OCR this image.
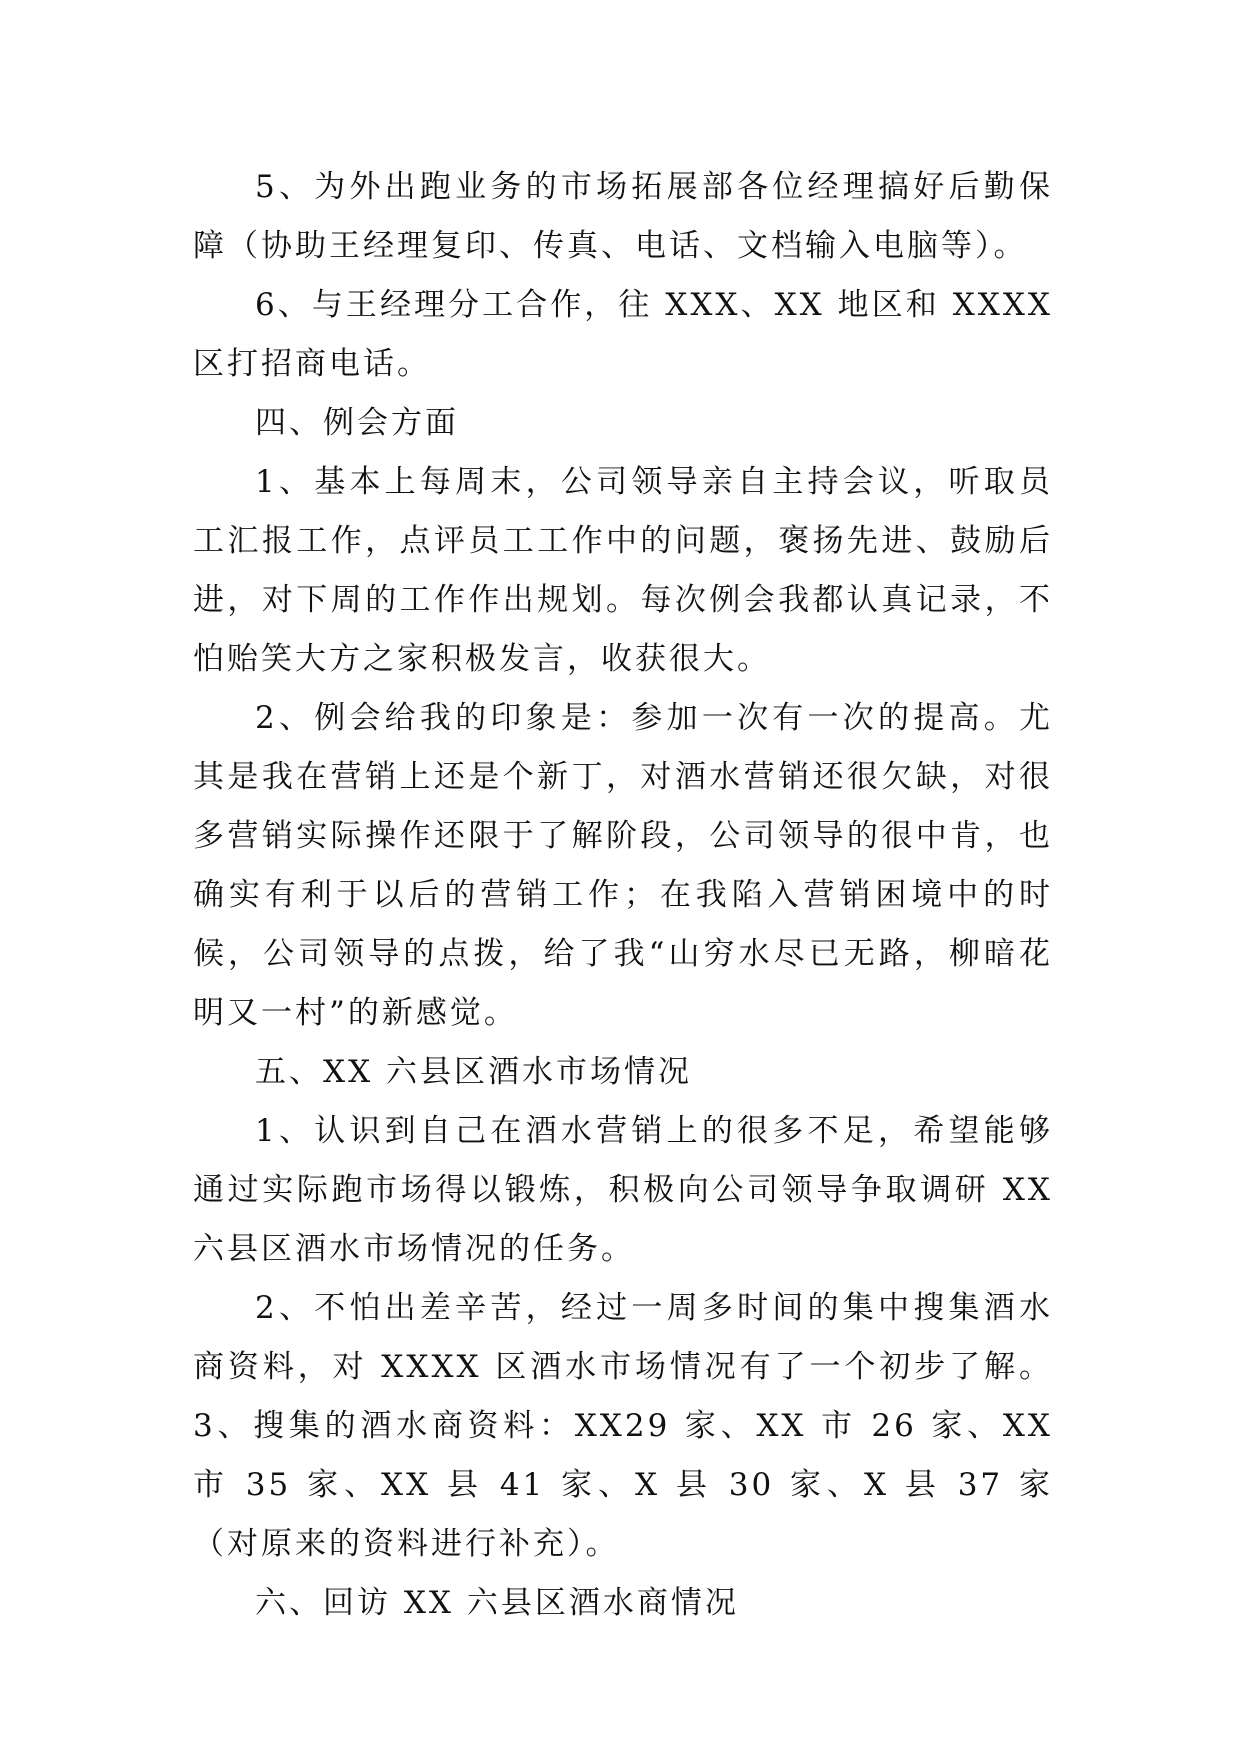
5、为外出跑业务的市场拓展部各位经理搞好后勤保障（协助王经理复印、传真、电话、文档输入电脑等）。

6、与王经理分工合作，往 XXX、XX 地区和 XXXX 区打招商电话。

四、例会方面

1、基本上每周末，公司领导亲自主持会议，听取员工汇报工作，点评员工工作中的问题，褒扬先进、鼓励后进，对下周的工作作出规划。每次例会我都认真记录，不怕贻笑大方之家积极发言，收获很大。

2、例会给我的印象是：参加一次有一次的提高。尤其是我在营销上还是个新丁，对酒水营销还很欠缺，对很多营销实际操作还限于了解阶段，公司领导的很中肯，也确实有利于以后的营销工作；在我陷入营销困境中的时候，公司领导的点拨，给了我“山穷水尽已无路，柳暗花明又一村”的新感觉。

五、XX 六县区酒水市场情况

1、认识到自己在酒水营销上的很多不足，希望能够通过实际跑市场得以锻炼，积极向公司领导争取调研 XX 六县区酒水市场情况的任务。

2、不怕出差辛苦，经过一周多时间的集中搜集酒水商资料，对 XXXX 区酒水市场情况有了一个初步了解。3、搜集的酒水商资料：XX29 家、XX 市 26 家、XX 市 35 家、XX 县 41 家、X 县 30 家、X 县 37 家（对原来的资料进行补充）。

六、回访 XX 六县区酒水商情况
